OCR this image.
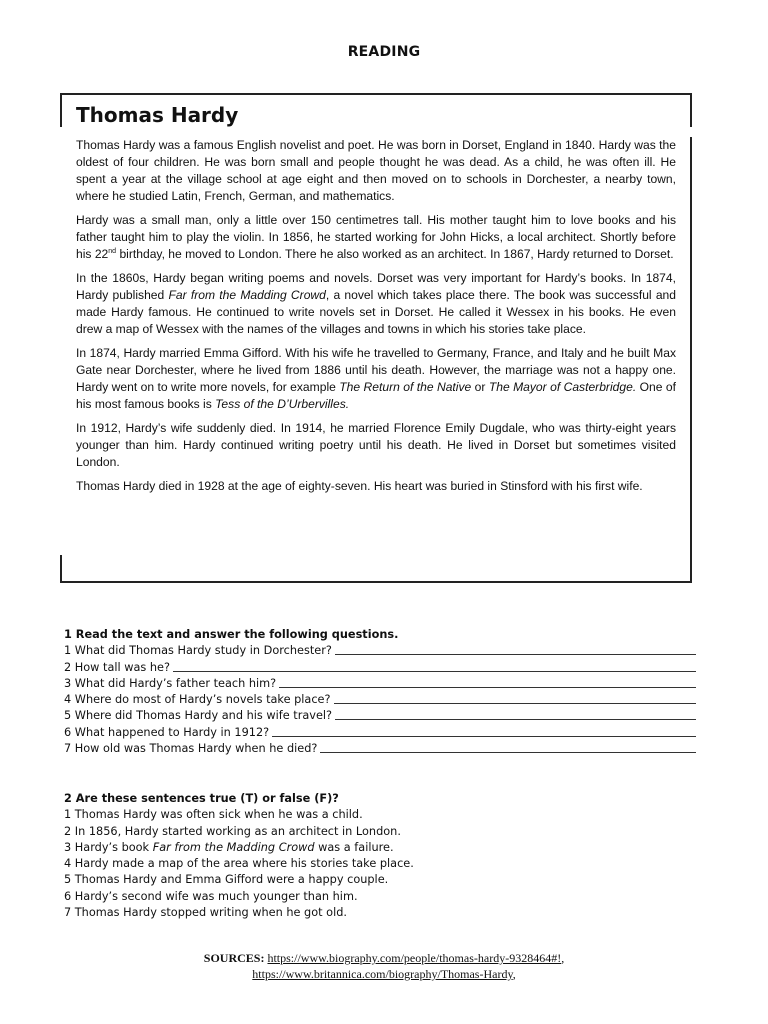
READING
Thomas Hardy

Thomas Hardy was a famous English novelist and poet. He was born in Dorset, England in 1840. Hardy was the oldest of four children. He was born small and people thought he was dead. As a child, he was often ill. He spent a year at the village school at age eight and then moved on to schools in Dorchester, a nearby town, where he studied Latin, French, German, and mathematics.

Hardy was a small man, only a little over 150 centimetres tall. His mother taught him to love books and his father taught him to play the violin. In 1856, he started working for John Hicks, a local architect. Shortly before his 22nd birthday, he moved to London. There he also worked as an architect. In 1867, Hardy returned to Dorset.

In the 1860s, Hardy began writing poems and novels. Dorset was very important for Hardy’s books. In 1874, Hardy published Far from the Madding Crowd, a novel which takes place there. The book was successful and made Hardy famous. He continued to write novels set in Dorset. He called it Wessex in his books. He even drew a map of Wessex with the names of the villages and towns in which his stories take place.

In 1874, Hardy married Emma Gifford. With his wife he travelled to Germany, France, and Italy and he built Max Gate near Dorchester, where he lived from 1886 until his death. However, the marriage was not a happy one. Hardy went on to write more novels, for example The Return of the Native or The Mayor of Casterbridge. One of his most famous books is Tess of the D’Urbervilles.

In 1912, Hardy’s wife suddenly died. In 1914, he married Florence Emily Dugdale, who was thirty-eight years younger than him. Hardy continued writing poetry until his death. He lived in Dorset but sometimes visited London.

Thomas Hardy died in 1928 at the age of eighty-seven. His heart was buried in Stinsford with his first wife.

1 Read the text and answer the following questions.
1 What did Thomas Hardy study in Dorchester?
2 How tall was he?
3 What did Hardy’s father teach him?
4 Where do most of Hardy’s novels take place?
5 Where did Thomas Hardy and his wife travel?
6 What happened to Hardy in 1912?
7 How old was Thomas Hardy when he died?
2 Are these sentences true (T) or false (F)?
1 Thomas Hardy was often sick when he was a child.
2 In 1856, Hardy started working as an architect in London.
3 Hardy’s book Far from the Madding Crowd was a failure.
4 Hardy made a map of the area where his stories take place.
5 Thomas Hardy and Emma Gifford were a happy couple.
6 Hardy’s second wife was much younger than him.
7 Thomas Hardy stopped writing when he got old.
SOURCES: https://www.biography.com/people/thomas-hardy-9328464#!,
https://www.britannica.com/biography/Thomas-Hardy,
